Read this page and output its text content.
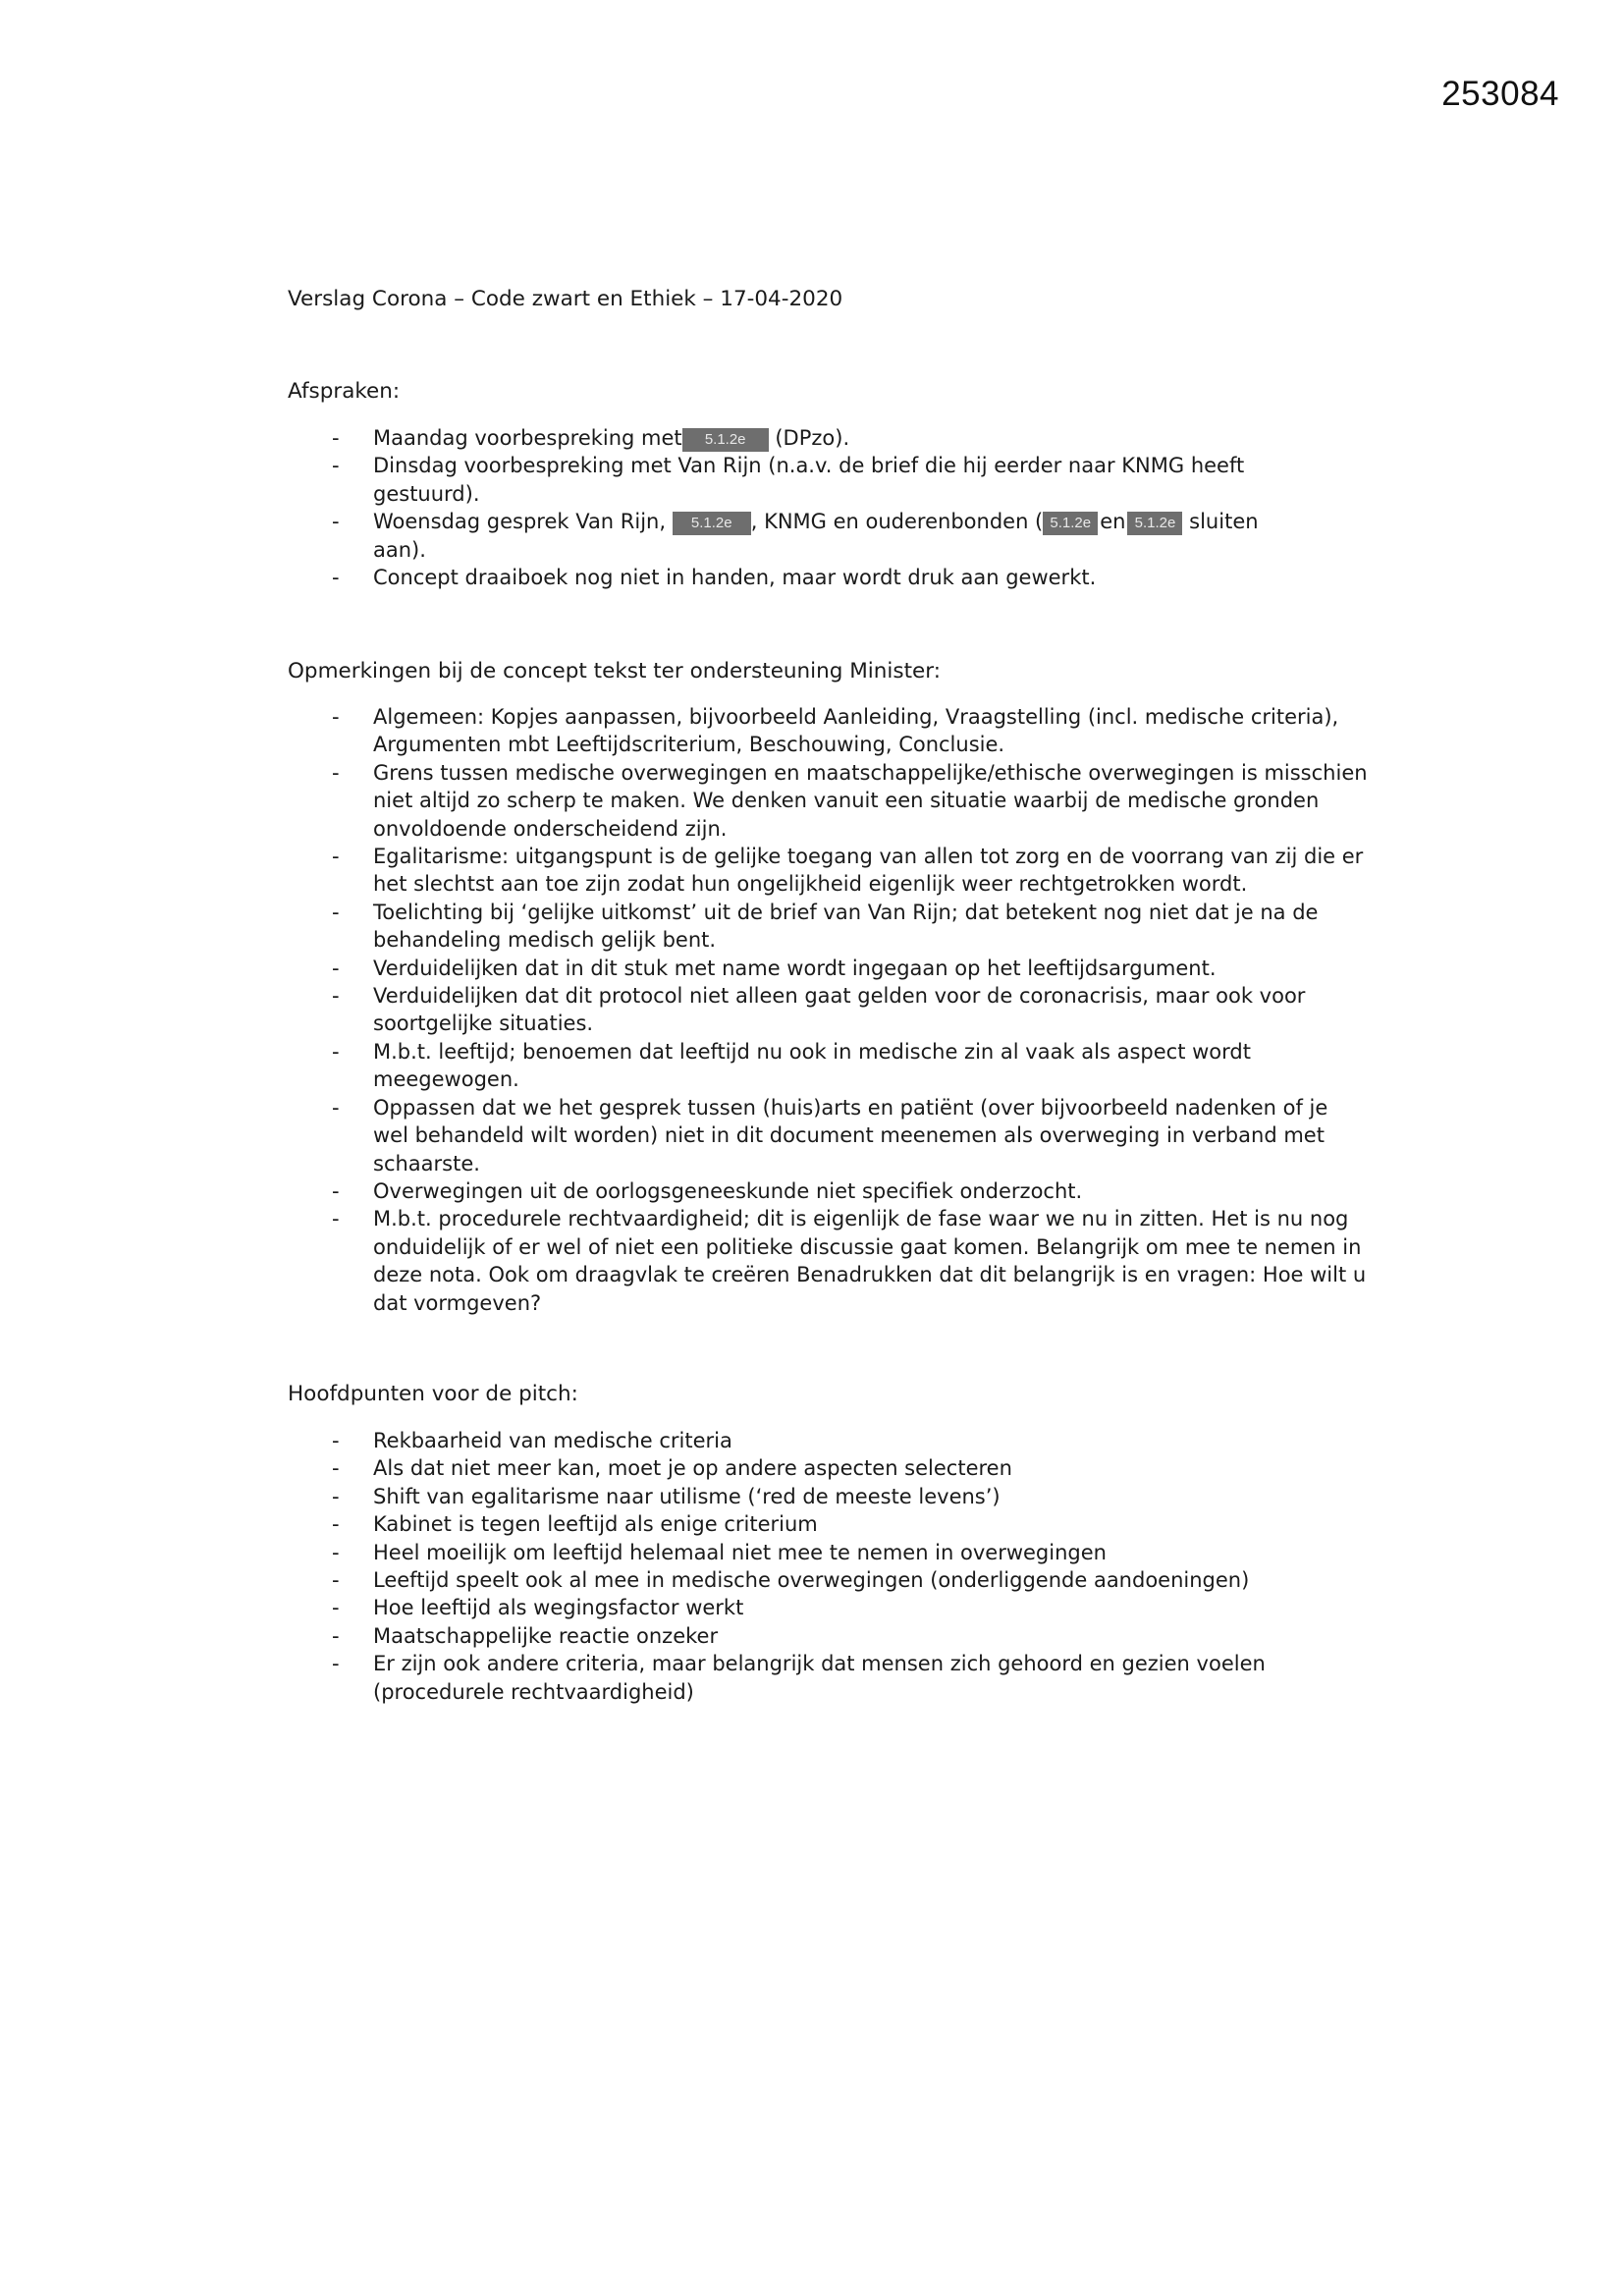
253084
Verslag Corona – Code zwart en Ethiek – 17-04-2020
Afspraken:
- Maandag voorbespreking met 5.1.2e (DPzo).
- Dinsdag voorbespreking met Van Rijn (n.a.v. de brief die hij eerder naar KNMG heeft gestuurd).
- Woensdag gesprek Van Rijn, 5.1.2e , KNMG en ouderenbonden ( 5.1.2e en 5.1.2e sluiten aan).
- Concept draaiboek nog niet in handen, maar wordt druk aan gewerkt.
Opmerkingen bij de concept tekst ter ondersteuning Minister:
- Algemeen: Kopjes aanpassen, bijvoorbeeld Aanleiding, Vraagstelling (incl. medische criteria), Argumenten mbt Leeftijdscriterium, Beschouwing, Conclusie.
- Grens tussen medische overwegingen en maatschappelijke/ethische overwegingen is misschien niet altijd zo scherp te maken. We denken vanuit een situatie waarbij de medische gronden onvoldoende onderscheidend zijn.
- Egalitarisme: uitgangspunt is de gelijke toegang van allen tot zorg en de voorrang van zij die er het slechtst aan toe zijn zodat hun ongelijkheid eigenlijk weer rechtgetrokken wordt.
- Toelichting bij ‘gelijke uitkomst’ uit de brief van Van Rijn; dat betekent nog niet dat je na de behandeling medisch gelijk bent.
- Verduidelijken dat in dit stuk met name wordt ingegaan op het leeftijdsargument.
- Verduidelijken dat dit protocol niet alleen gaat gelden voor de coronacrisis, maar ook voor soortgelijke situaties.
- M.b.t. leeftijd; benoemen dat leeftijd nu ook in medische zin al vaak als aspect wordt meegewogen.
- Oppassen dat we het gesprek tussen (huis)arts en patiënt (over bijvoorbeeld nadenken of je wel behandeld wilt worden) niet in dit document meenemen als overweging in verband met schaarste.
- Overwegingen uit de oorlogsgeneeskunde niet specifiek onderzocht.
- M.b.t. procedurele rechtvaardigheid; dit is eigenlijk de fase waar we nu in zitten. Het is nu nog onduidelijk of er wel of niet een politieke discussie gaat komen. Belangrijk om mee te nemen in deze nota. Ook om draagvlak te creëren Benadrukken dat dit belangrijk is en vragen: Hoe wilt u dat vormgeven?
Hoofdpunten voor de pitch:
- Rekbaarheid van medische criteria
- Als dat niet meer kan, moet je op andere aspecten selecteren
- Shift van egalitarisme naar utilisme (‘red de meeste levens’)
- Kabinet is tegen leeftijd als enige criterium
- Heel moeilijk om leeftijd helemaal niet mee te nemen in overwegingen
- Leeftijd speelt ook al mee in medische overwegingen (onderliggende aandoeningen)
- Hoe leeftijd als wegingsfactor werkt
- Maatschappelijke reactie onzeker
- Er zijn ook andere criteria, maar belangrijk dat mensen zich gehoord en gezien voelen (procedurele rechtvaardigheid)
